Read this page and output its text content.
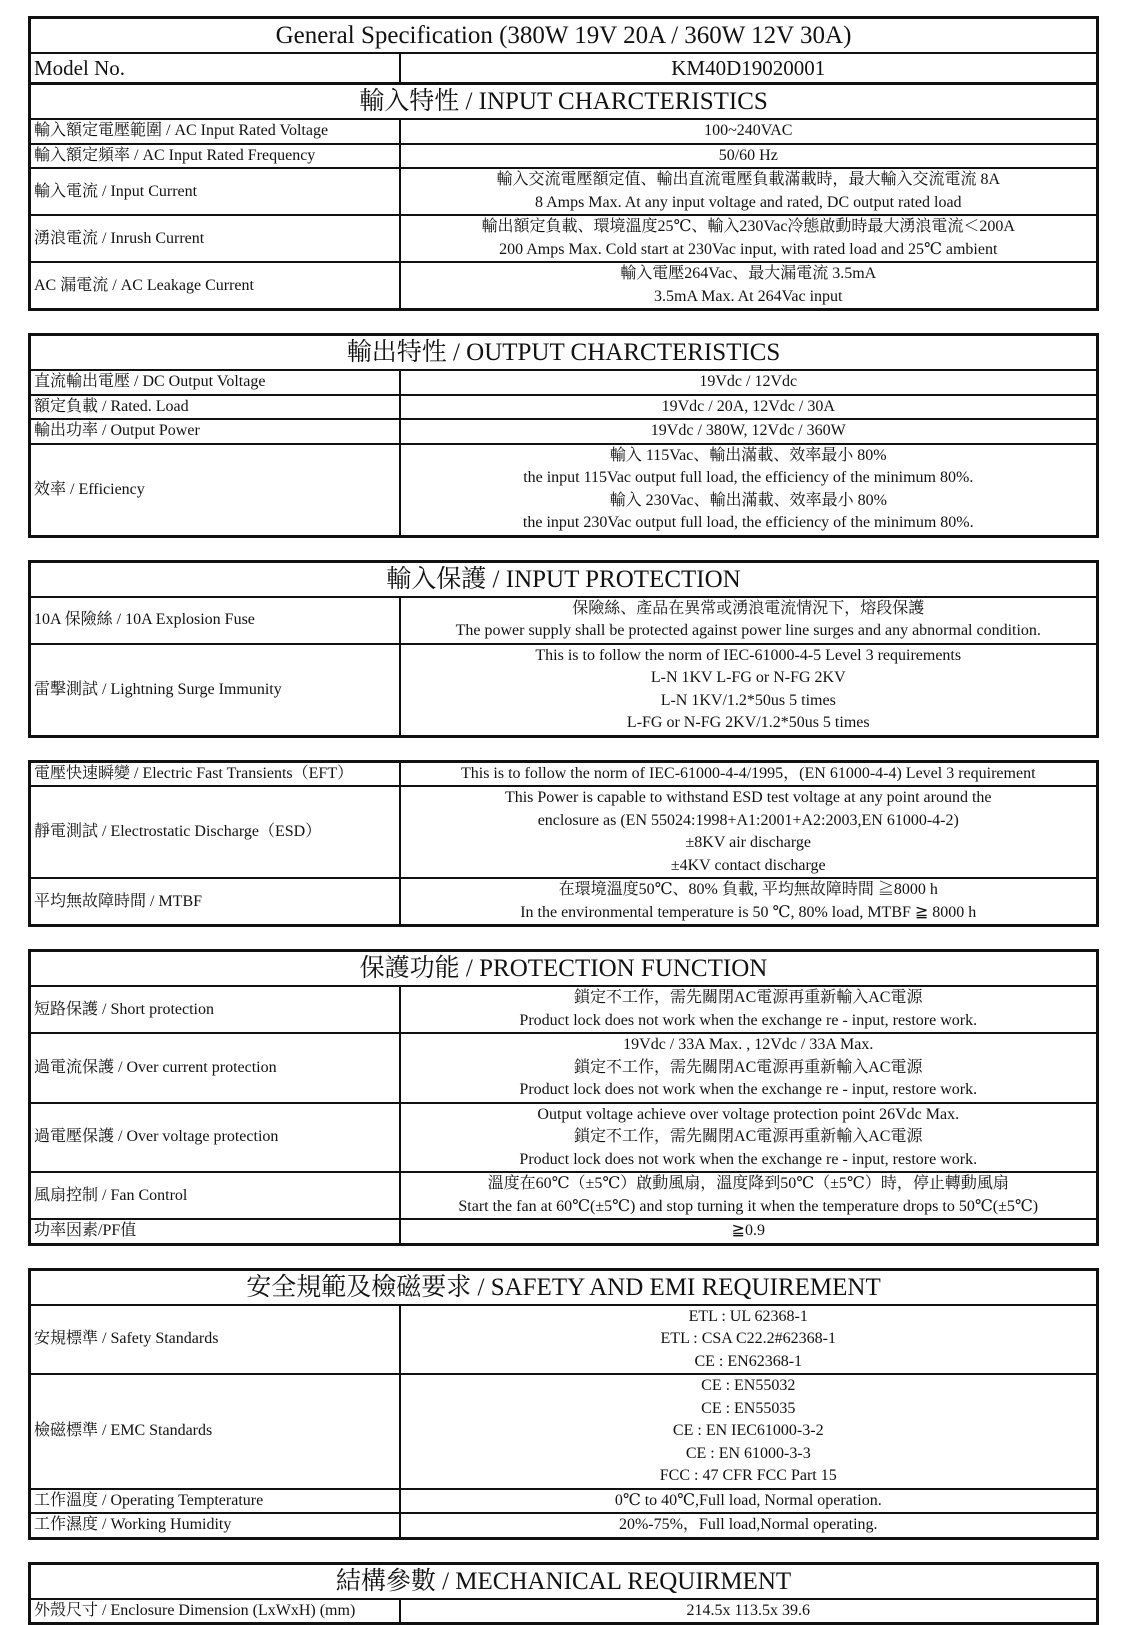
General Specification (380W 19V 20A / 360W 12V 30A)
Model No.	KM40D19020001
輸入特性 / INPUT CHARCTERISTICS	
輸入額定電壓範圍 / AC Input Rated Voltage	100~240VAC

輸入額定頻率 / AC Input Rated Frequency	50/60 Hz

輸入電流 / Input Current	輸入交流電壓額定值、輸出直流電壓負載滿載時，最大輸入交流電流 8A
8 Amps Max. At any input voltage and rated, DC output rated load

湧浪電流 / Inrush Current	輸出額定負載、環境溫度25℃、輸入230Vac冷態啟動時最大湧浪電流＜200A
200 Amps Max. Cold start at 230Vac input, with rated load and 25℃ ambient

AC 漏電流 / AC Leakage Current	輸入電壓264Vac、最大漏電流 3.5mA
3.5mA Max. At 264Vac input
輸出特性 / OUTPUT CHARCTERISTICS	
直流輸出電壓 / DC Output Voltage	19Vdc / 12Vdc

額定負載 / Rated. Load	19Vdc / 20A, 12Vdc / 30A

輸出功率 / Output Power	19Vdc / 380W, 12Vdc / 360W

效率 / Efficiency	輸入 115Vac、輸出滿載、效率最小 80%
the input 115Vac output full load, the efficiency of the minimum 80%.
輸入 230Vac、輸出滿載、效率最小 80%
the input 230Vac output full load, the efficiency of the minimum 80%.
輸入保護 / INPUT PROTECTION	
10A 保險絲 / 10A Explosion Fuse	保險絲、產品在異常或湧浪電流情況下，熔段保護
The power supply shall be protected against power line surges and any abnormal condition.

雷擊測試 / Lightning Surge Immunity	This is to follow the norm of IEC-61000-4-5 Level 3 requirements
L-N 1KV L-FG or N-FG 2KV
L-N 1KV/1.2*50us 5 times
L-FG or N-FG 2KV/1.2*50us 5 times
電壓快速瞬變 / Electric Fast Transients（EFT）	This is to follow the norm of IEC-61000-4-4/1995，(EN 61000-4-4) Level 3 requirement

靜電測試 / Electrostatic Discharge（ESD）	This Power is capable to withstand ESD test voltage at any point around the
enclosure as (EN 55024:1998+A1:2001+A2:2003,EN 61000-4-2)
±8KV air discharge
±4KV contact discharge

平均無故障時間 / MTBF	在環境溫度50℃、80% 負載, 平均無故障時間 ≧8000 h
In the environmental temperature is 50 ℃, 80% load, MTBF ≧ 8000 h
保護功能 / PROTECTION FUNCTION	
短路保護 / Short protection	鎖定不工作，需先關閉AC電源再重新輸入AC電源
Product lock does not work when the exchange re - input, restore work.

過電流保護 / Over current protection	19Vdc / 33A Max. , 12Vdc / 33A Max.
鎖定不工作，需先關閉AC電源再重新輸入AC電源
Product lock does not work when the exchange re - input, restore work.

過電壓保護 / Over voltage protection	Output voltage achieve over voltage protection point 26Vdc Max.
鎖定不工作，需先關閉AC電源再重新輸入AC電源
Product lock does not work when the exchange re - input, restore work.

風扇控制 / Fan Control	溫度在60℃（±5℃）啟動風扇，溫度降到50℃（±5℃）時，停止轉動風扇
Start the fan at 60℃(±5℃) and stop turning it when the temperature drops to 50℃(±5℃)

功率因素/PF值	≧0.9
安全規範及檢磁要求 / SAFETY AND EMI REQUIREMENT	
安規標準 / Safety Standards	ETL : UL 62368-1
ETL : CSA C22.2#62368-1
CE : EN62368-1

檢磁標準 / EMC Standards	CE : EN55032
CE : EN55035
CE : EN IEC61000-3-2
CE : EN 61000-3-3
FCC : 47 CFR FCC Part 15

工作溫度 / Operating Tempterature	0℃ to 40℃,Full load, Normal operation.

工作濕度 / Working Humidity	20%-75%，Full load,Normal operating.
結構參數 / MECHANICAL REQUIRMENT
外殼尺寸 / Enclosure Dimension (LxWxH) (mm)	214.5x 113.5x 39.6
